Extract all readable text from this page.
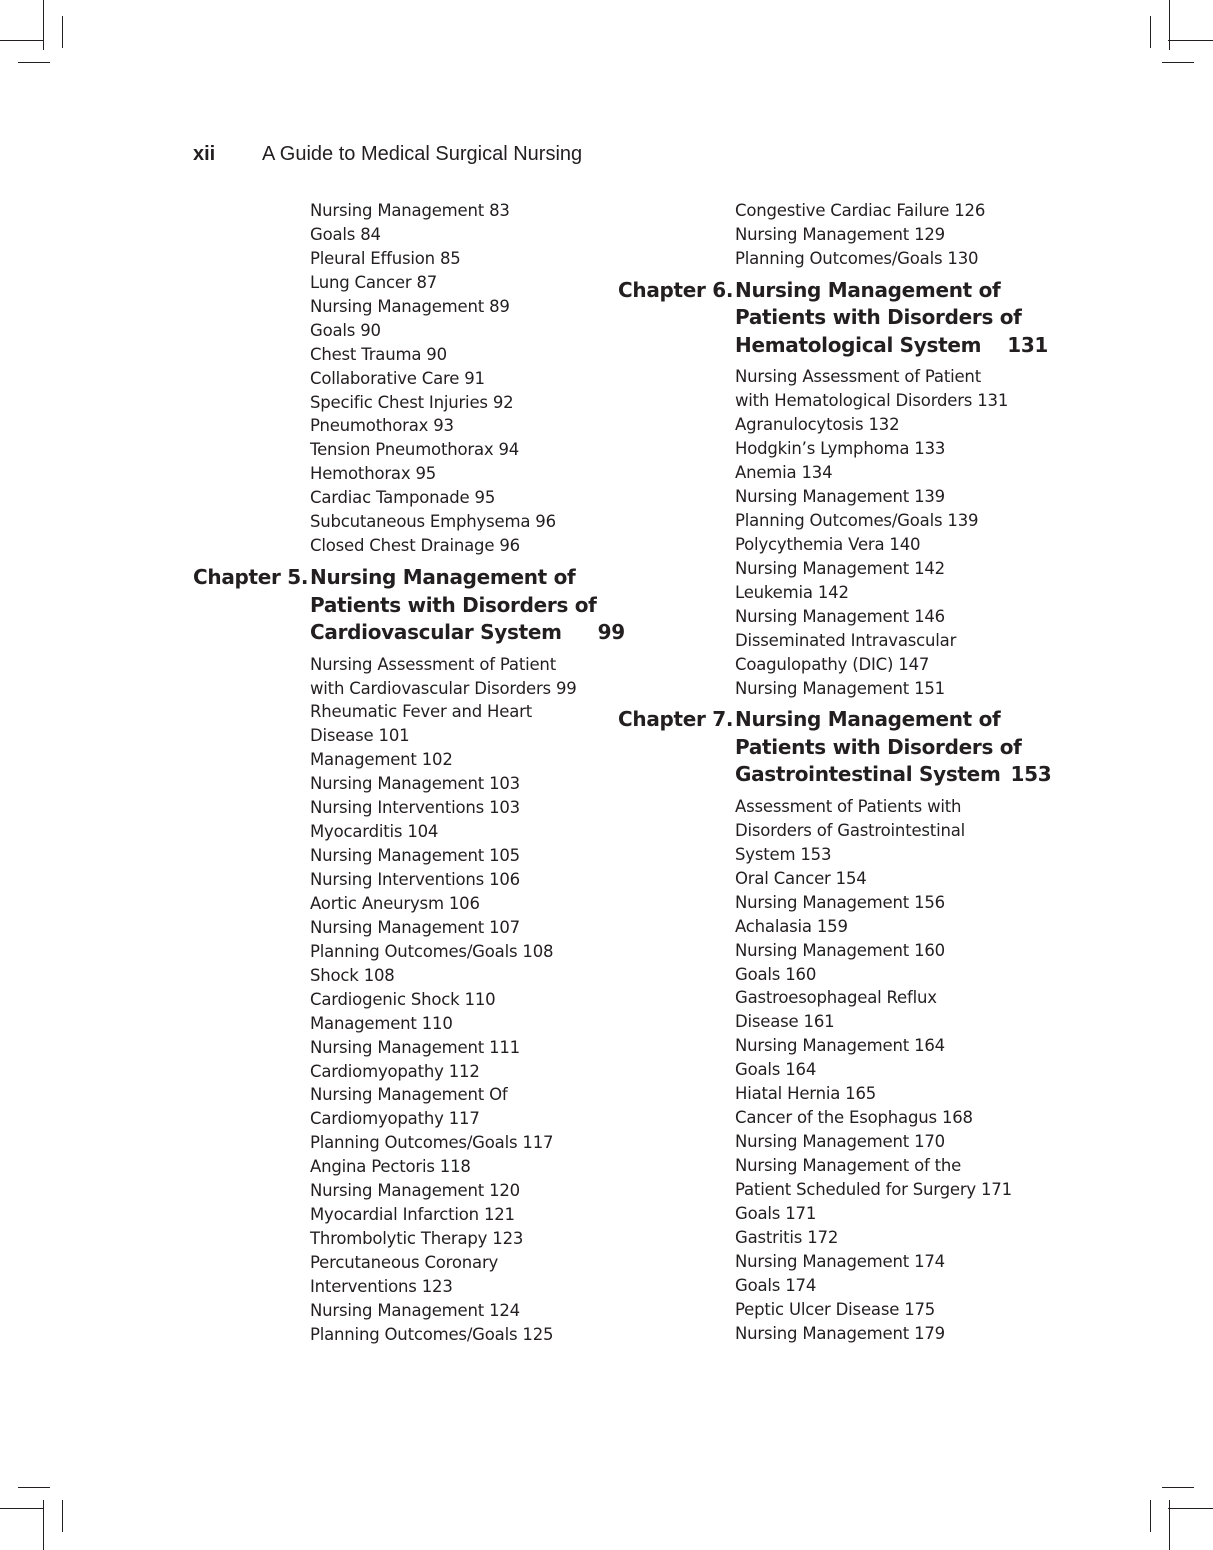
xii A Guide to Medical Surgical Nursing
Nursing Management 83
Goals 84
Pleural Effusion 85
Lung Cancer 87
Nursing Management 89
Goals 90
Chest Trauma 90
Collaborative Care 91
Specific Chest Injuries 92
Pneumothorax 93
Tension Pneumothorax 94
Hemothorax 95
Cardiac Tamponade 95
Subcutaneous Emphysema 96
Closed Chest Drainage 96
Chapter 5. Nursing Management of
Patients with Disorders of
Cardiovascular System 99
Nursing Assessment of Patient
with Cardiovascular Disorders 99
Rheumatic Fever and Heart
Disease 101
Management 102
Nursing Management 103
Nursing Interventions 103
Myocarditis 104
Nursing Management 105
Nursing Interventions 106
Aortic Aneurysm 106
Nursing Management 107
Planning Outcomes/Goals 108
Shock 108
Cardiogenic Shock 110
Management 110
Nursing Management 111
Cardiomyopathy 112
Nursing Management Of
Cardiomyopathy 117
Planning Outcomes/Goals 117
Angina Pectoris 118
Nursing Management 120
Myocardial Infarction 121
Thrombolytic Therapy 123
Percutaneous Coronary
Interventions 123
Nursing Management 124
Planning Outcomes/Goals 125
Congestive Cardiac Failure 126
Nursing Management 129
Planning Outcomes/Goals 130
Chapter 6. Nursing Management of
Patients with Disorders of
Hematological System 131
Nursing Assessment of Patient
with Hematological Disorders 131
Agranulocytosis 132
Hodgkin’s Lymphoma 133
Anemia 134
Nursing Management 139
Planning Outcomes/Goals 139
Polycythemia Vera 140
Nursing Management 142
Leukemia 142
Nursing Management 146
Disseminated Intravascular
Coagulopathy (DIC) 147
Nursing Management 151
Chapter 7. Nursing Management of
Patients with Disorders of
Gastrointestinal System 153
Assessment of Patients with
Disorders of Gastrointestinal
System 153
Oral Cancer 154
Nursing Management 156
Achalasia 159
Nursing Management 160
Goals 160
Gastroesophageal Reflux
Disease 161
Nursing Management 164
Goals 164
Hiatal Hernia 165
Cancer of the Esophagus 168
Nursing Management 170
Nursing Management of the
Patient Scheduled for Surgery 171
Goals 171
Gastritis 172
Nursing Management 174
Goals 174
Peptic Ulcer Disease 175
Nursing Management 179
